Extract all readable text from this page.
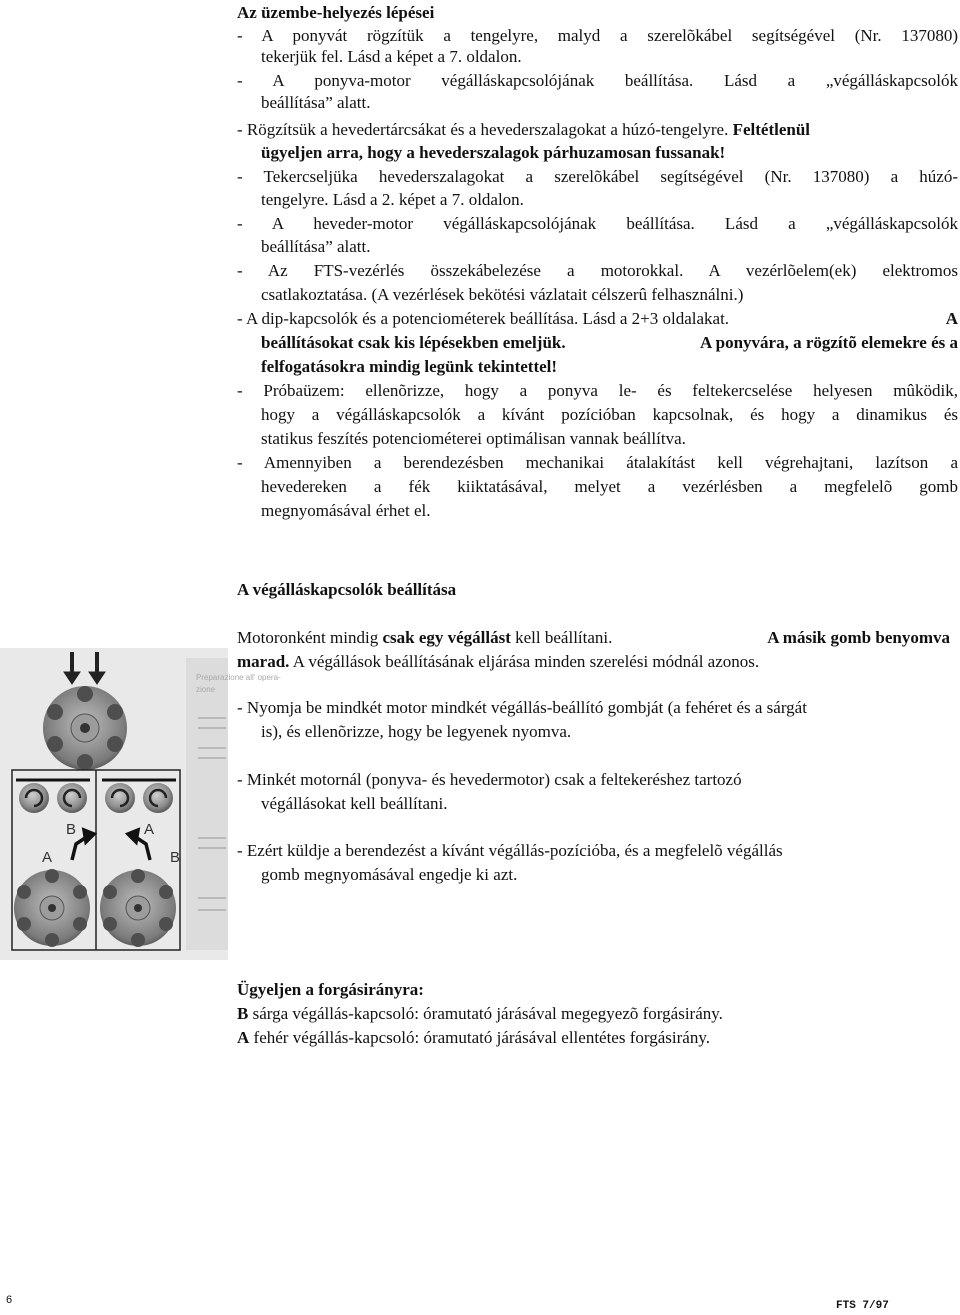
Az üzembe-helyezés lépései
- A ponyvát rögzítük a tengelyre, malyd a szerelõkábel segítségével (Nr. 137080)
tekerjük fel. Lásd a képet a 7. oldalon.
- A ponyva-motor végálláskapcsolójának beállítása. Lásd a „végálláskapcsolók
beállítása” alatt.
- Rögzítsük a hevedertárcsákat és a hevederszalagokat a húzó-tengelyre. Feltétlenül
ügyeljen arra, hogy a hevederszalagok párhuzamosan fussanak!
- Tekercseljüka hevederszalagokat a szerelõkábel segítségével (Nr. 137080) a húzó-
tengelyre. Lásd a 2. képet a 7. oldalon.
- A heveder-motor végálláskapcsolójának beállítása. Lásd a „végálláskapcsolók
beállítása” alatt.
- Az FTS-vezérlés összekábelezése a motorokkal. A vezérlõelem(ek) elektromos
csatlakoztatása. (A vezérlések bekötési vázlatait célszerû felhasználni.)
- A dip-kapcsolók és a potenciométerek beállítása. Lásd a 2+3 oldalakat.	A
beállításokat csak kis lépésekben emeljük.	A ponyvára, a rögzítõ elemekre és a
felfogatásokra mindig legünk tekintettel!
- Próbaüzem: ellenõrizze, hogy a ponyva le- és feltekercselése helyesen mûködik,
hogy a végálláskapcsolók a kívánt pozícióban kapcsolnak, és hogy a dinamikus és
statikus feszítés potenciométerei optimálisan vannak beállítva.
- Amennyiben a berendezésben mechanikai átalakítást kell végrehajtani, lazítson a
hevedereken a fék kiiktatásával, melyet a vezérlésben a megfelelõ gomb
megnyomásával érhet el.
A végálláskapcsolók beállítása
Motoronként mindig csak egy végállást kell beállítani.	A másik gomb benyomva
marad. A végállások beállításának eljárása minden szerelési módnál azonos.
- Nyomja be mindkét motor mindkét végállás-beállító gombját (a fehéret és a sárgát
is), és ellenõrizze, hogy be legyenek nyomva.
- Minkét motornál (ponyva- és hevedermotor) csak a feltekeréshez tartozó
végállásokat kell beállítani.
- Ezért küldje a berendezést a kívánt végállás-pozícióba, és a megfelelõ végállás
gomb megnyomásával engedje ki azt.
Preparazione all' opera-
zione
B
A
A
B
Ügyeljen a forgásirányra:
B sárga végállás-kapcsoló: óramutató járásával megegyezõ forgásirány.
A fehér végállás-kapcsoló: óramutató járásával ellentétes forgásirány.
6	FTS 7/97
